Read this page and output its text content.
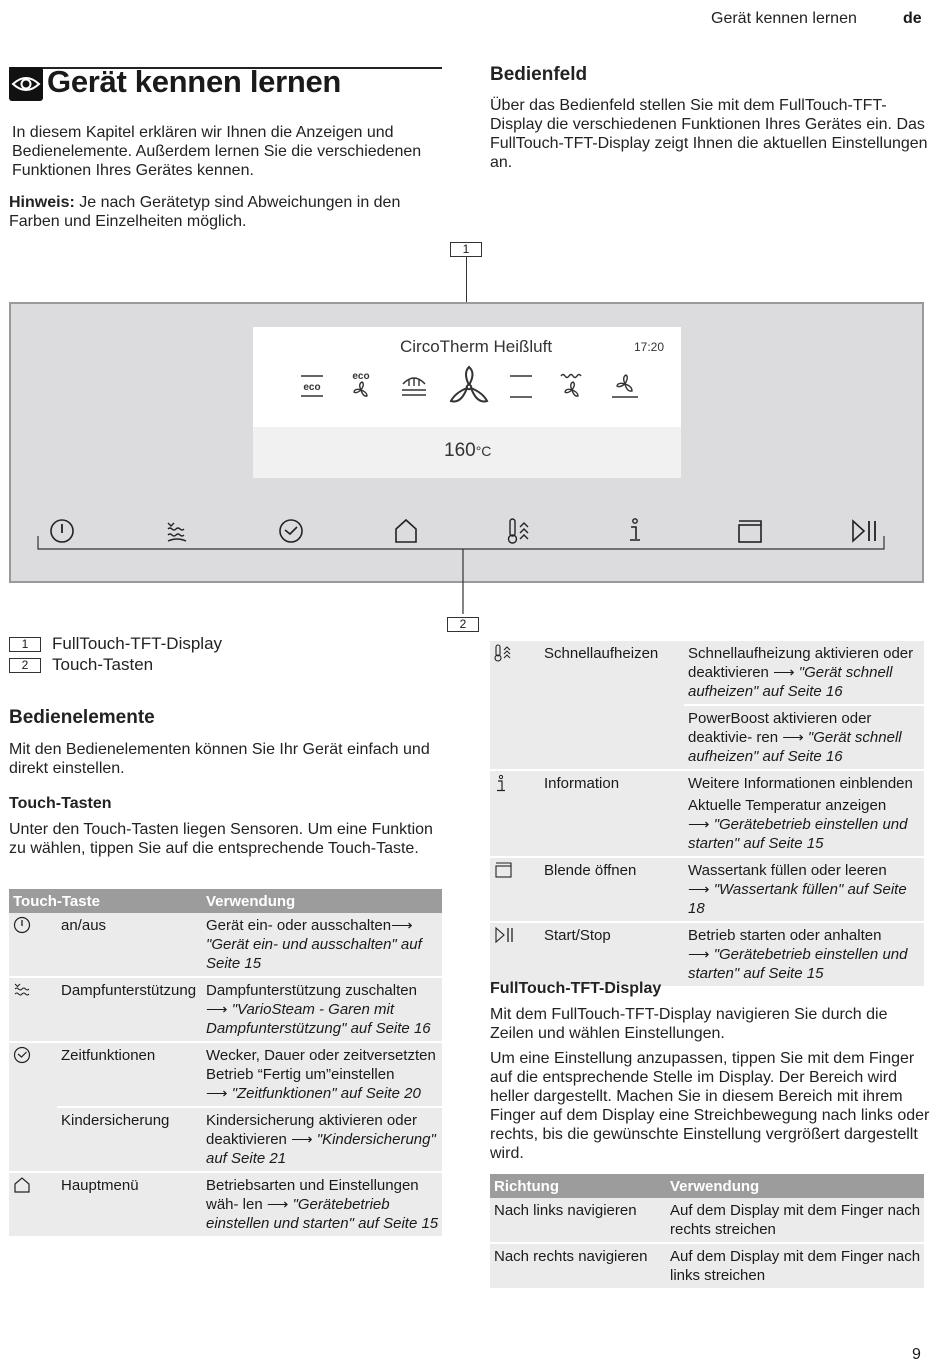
Gerät kennen lernen	de
Gerät kennen lernen
In diesem Kapitel erklären wir Ihnen die Anzeigen und Bedienelemente. Außerdem lernen Sie die verschiedenen Funktionen Ihres Gerätes kennen.
Hinweis: Je nach Gerätetyp sind Abweichungen in den Farben und Einzelheiten möglich.
Bedienfeld
Über das Bedienfeld stellen Sie mit dem FullTouch-TFT-Display die verschiedenen Funktionen Ihres Gerätes ein. Das FullTouch-TFT-Display zeigt Ihnen die aktuellen Einstellungen an.
1
CircoTherm Heißluft	17:20
160°C
eco
eco
2
1	FullTouch-TFT-Display
2	Touch-Tasten
Bedienelemente
Mit den Bedienelementen können Sie Ihr Gerät einfach und direkt einstellen.
Touch-Tasten
Unter den Touch-Tasten liegen Sensoren. Um eine Funktion zu wählen, tippen Sie auf die entsprechende Touch-Taste.
Touch-Taste		Verwendung
	an/aus	Gerät ein- oder ausschalten⟶ "Gerät ein- und ausschalten" auf Seite 15
	Dampfunterstützung	Dampfunterstützung zuschalten
⟶ "VarioSteam - Garen mit Dampfunterstützung" auf Seite 16
	Zeitfunktionen	Wecker, Dauer oder zeitversetzten Betrieb “Fertig um”einstellen
⟶ "Zeitfunktionen" auf Seite 20
	Kindersicherung	Kindersicherung aktivieren oder deaktivieren ⟶ "Kindersicherung" auf Seite 21
	Hauptmenü	Betriebsarten und Einstellungen wäh- len ⟶ "Gerätebetrieb einstellen und starten" auf Seite 15
	Schnellaufheizen	Schnellaufheizung aktivieren oder deaktivieren ⟶ "Gerät schnell aufheizen" auf Seite 16
		PowerBoost aktivieren oder deaktivie- ren ⟶ "Gerät schnell aufheizen" auf Seite 16
	Information	Weitere Informationen einblenden
Aktuelle Temperatur anzeigen
⟶ "Gerätebetrieb einstellen und starten" auf Seite 15
	Blende öffnen	Wassertank füllen oder leeren
⟶ "Wassertank füllen" auf Seite 18
	Start/Stop	Betrieb starten oder anhalten
⟶ "Gerätebetrieb einstellen und starten" auf Seite 15
FullTouch-TFT-Display
Mit dem FullTouch-TFT-Display navigieren Sie durch die Zeilen und wählen Einstellungen.
Um eine Einstellung anzupassen, tippen Sie mit dem Finger auf die entsprechende Stelle im Display. Der Bereich wird heller dargestellt. Machen Sie in diesem Bereich mit ihrem Finger auf dem Display eine Streichbewegung nach links oder rechts, bis die gewünschte Einstellung vergrößert dargestellt wird.
Richtung	Verwendung
Nach links navigieren	Auf dem Display mit dem Finger nach rechts streichen
Nach rechts navigieren	Auf dem Display mit dem Finger nach links streichen
9
